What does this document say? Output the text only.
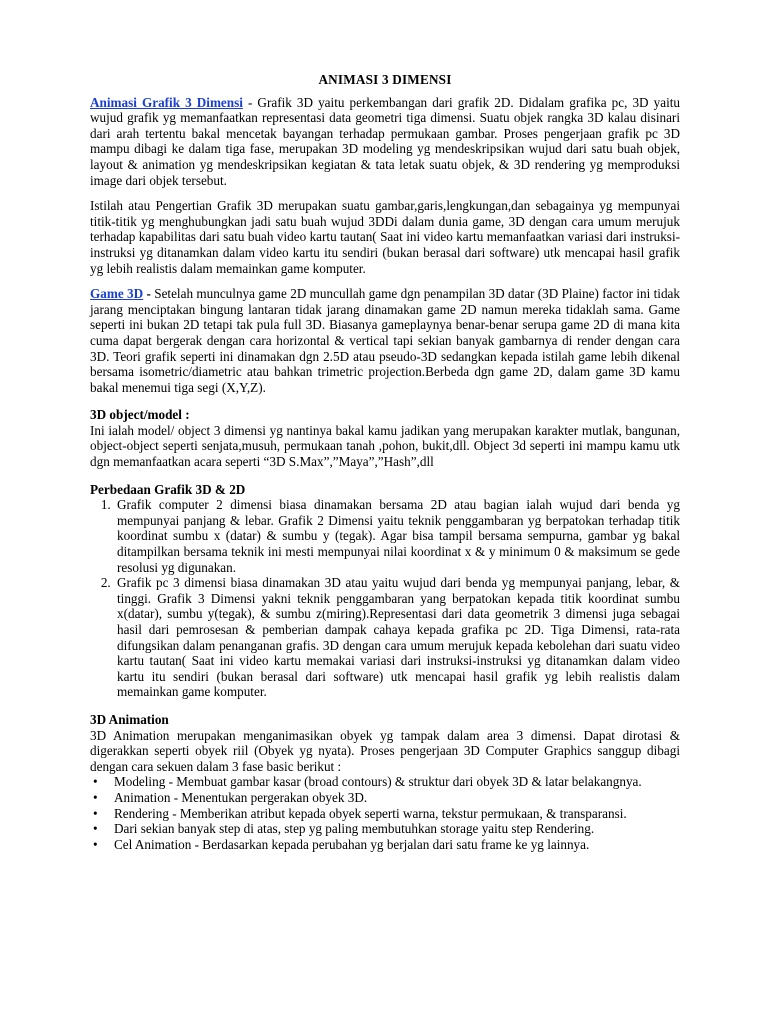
ANIMASI 3 DIMENSI

Animasi Grafik 3 Dimensi - Grafik 3D yaitu perkembangan dari grafik 2D. Didalam grafika pc, 3D yaitu wujud grafik yg memanfaatkan representasi data geometri tiga dimensi. Suatu objek rangka 3D kalau disinari dari arah tertentu bakal mencetak bayangan terhadap permukaan gambar. Proses pengerjaan grafik pc 3D mampu dibagi ke dalam tiga fase, merupakan 3D modeling yg mendeskripsikan wujud dari satu buah objek, layout & animation yg mendeskripsikan kegiatan & tata letak suatu objek, & 3D rendering yg memproduksi image dari objek tersebut.

Istilah atau Pengertian Grafik 3D merupakan suatu gambar,garis,lengkungan,dan sebagainya yg mempunyai titik-titik yg menghubungkan jadi satu buah wujud 3DDi dalam dunia game, 3D dengan cara umum merujuk terhadap kapabilitas dari satu buah video kartu tautan( Saat ini video kartu memanfaatkan variasi dari instruksi-instruksi yg ditanamkan dalam video kartu itu sendiri (bukan berasal dari software) utk mencapai hasil grafik yg lebih realistis dalam memainkan game komputer.

Game 3D - Setelah munculnya game 2D muncullah game dgn penampilan 3D datar (3D Plaine) factor ini tidak jarang menciptakan bingung lantaran tidak jarang dinamakan game 2D namun mereka tidaklah sama. Game seperti ini bukan 2D tetapi tak pula full 3D. Biasanya gameplaynya benar-benar serupa game 2D di mana kita cuma dapat bergerak dengan cara horizontal & vertical tapi sekian banyak gambarnya di render dengan cara 3D. Teori grafik seperti ini dinamakan dgn 2.5D atau pseudo-3D sedangkan kepada istilah game lebih dikenal bersama isometric/diametric atau bahkan trimetric projection.Berbeda dgn game 2D, dalam game 3D kamu bakal menemui tiga segi (X,Y,Z).

3D object/model :

Ini ialah model/ object 3 dimensi yg nantinya bakal kamu jadikan yang merupakan karakter mutlak, bangunan, object-object seperti senjata,musuh, permukaan tanah ,pohon, bukit,dll. Object 3d seperti ini mampu kamu utk dgn memanfaatkan acara seperti “3D S.Max”,”Maya”,”Hash”,dll

Perbedaan Grafik 3D & 2D
1. Grafik computer 2 dimensi biasa dinamakan bersama 2D atau bagian ialah wujud dari benda yg mempunyai panjang & lebar. Grafik 2 Dimensi yaitu teknik penggambaran yg berpatokan terhadap titik koordinat sumbu x (datar) & sumbu y (tegak). Agar bisa tampil bersama sempurna, gambar yg bakal ditampilkan bersama teknik ini mesti mempunyai nilai koordinat x & y minimum 0 & maksimum se gede resolusi yg digunakan.
2. Grafik pc 3 dimensi biasa dinamakan 3D atau yaitu wujud dari benda yg mempunyai panjang, lebar, & tinggi. Grafik 3 Dimensi yakni teknik penggambaran yang berpatokan kepada titik koordinat sumbu x(datar), sumbu y(tegak), & sumbu z(miring).Representasi dari data geometrik 3 dimensi juga sebagai hasil dari pemrosesan & pemberian dampak cahaya kepada grafika pc 2D. Tiga Dimensi, rata-rata difungsikan dalam penanganan grafis. 3D dengan cara umum merujuk kepada kebolehan dari suatu video kartu tautan( Saat ini video kartu memakai variasi dari instruksi-instruksi yg ditanamkan dalam video kartu itu sendiri (bukan berasal dari software) utk mencapai hasil grafik yg lebih realistis dalam memainkan game komputer.
3D Animation

3D Animation merupakan menganimasikan obyek yg tampak dalam area 3 dimensi. Dapat dirotasi & digerakkan seperti obyek riil (Obyek yg nyata). Proses pengerjaan 3D Computer Graphics sanggup dibagi dengan cara sekuen dalam 3 fase basic berikut :

• Modeling - Membuat gambar kasar (broad contours) & struktur dari obyek 3D & latar belakangnya.
• Animation - Menentukan pergerakan obyek 3D.
• Rendering - Memberikan atribut kepada obyek seperti warna, tekstur permukaan, & transparansi.
• Dari sekian banyak step di atas, step yg paling membutuhkan storage yaitu step Rendering.
• Cel Animation - Berdasarkan kepada perubahan yg berjalan dari satu frame ke yg lainnya.
